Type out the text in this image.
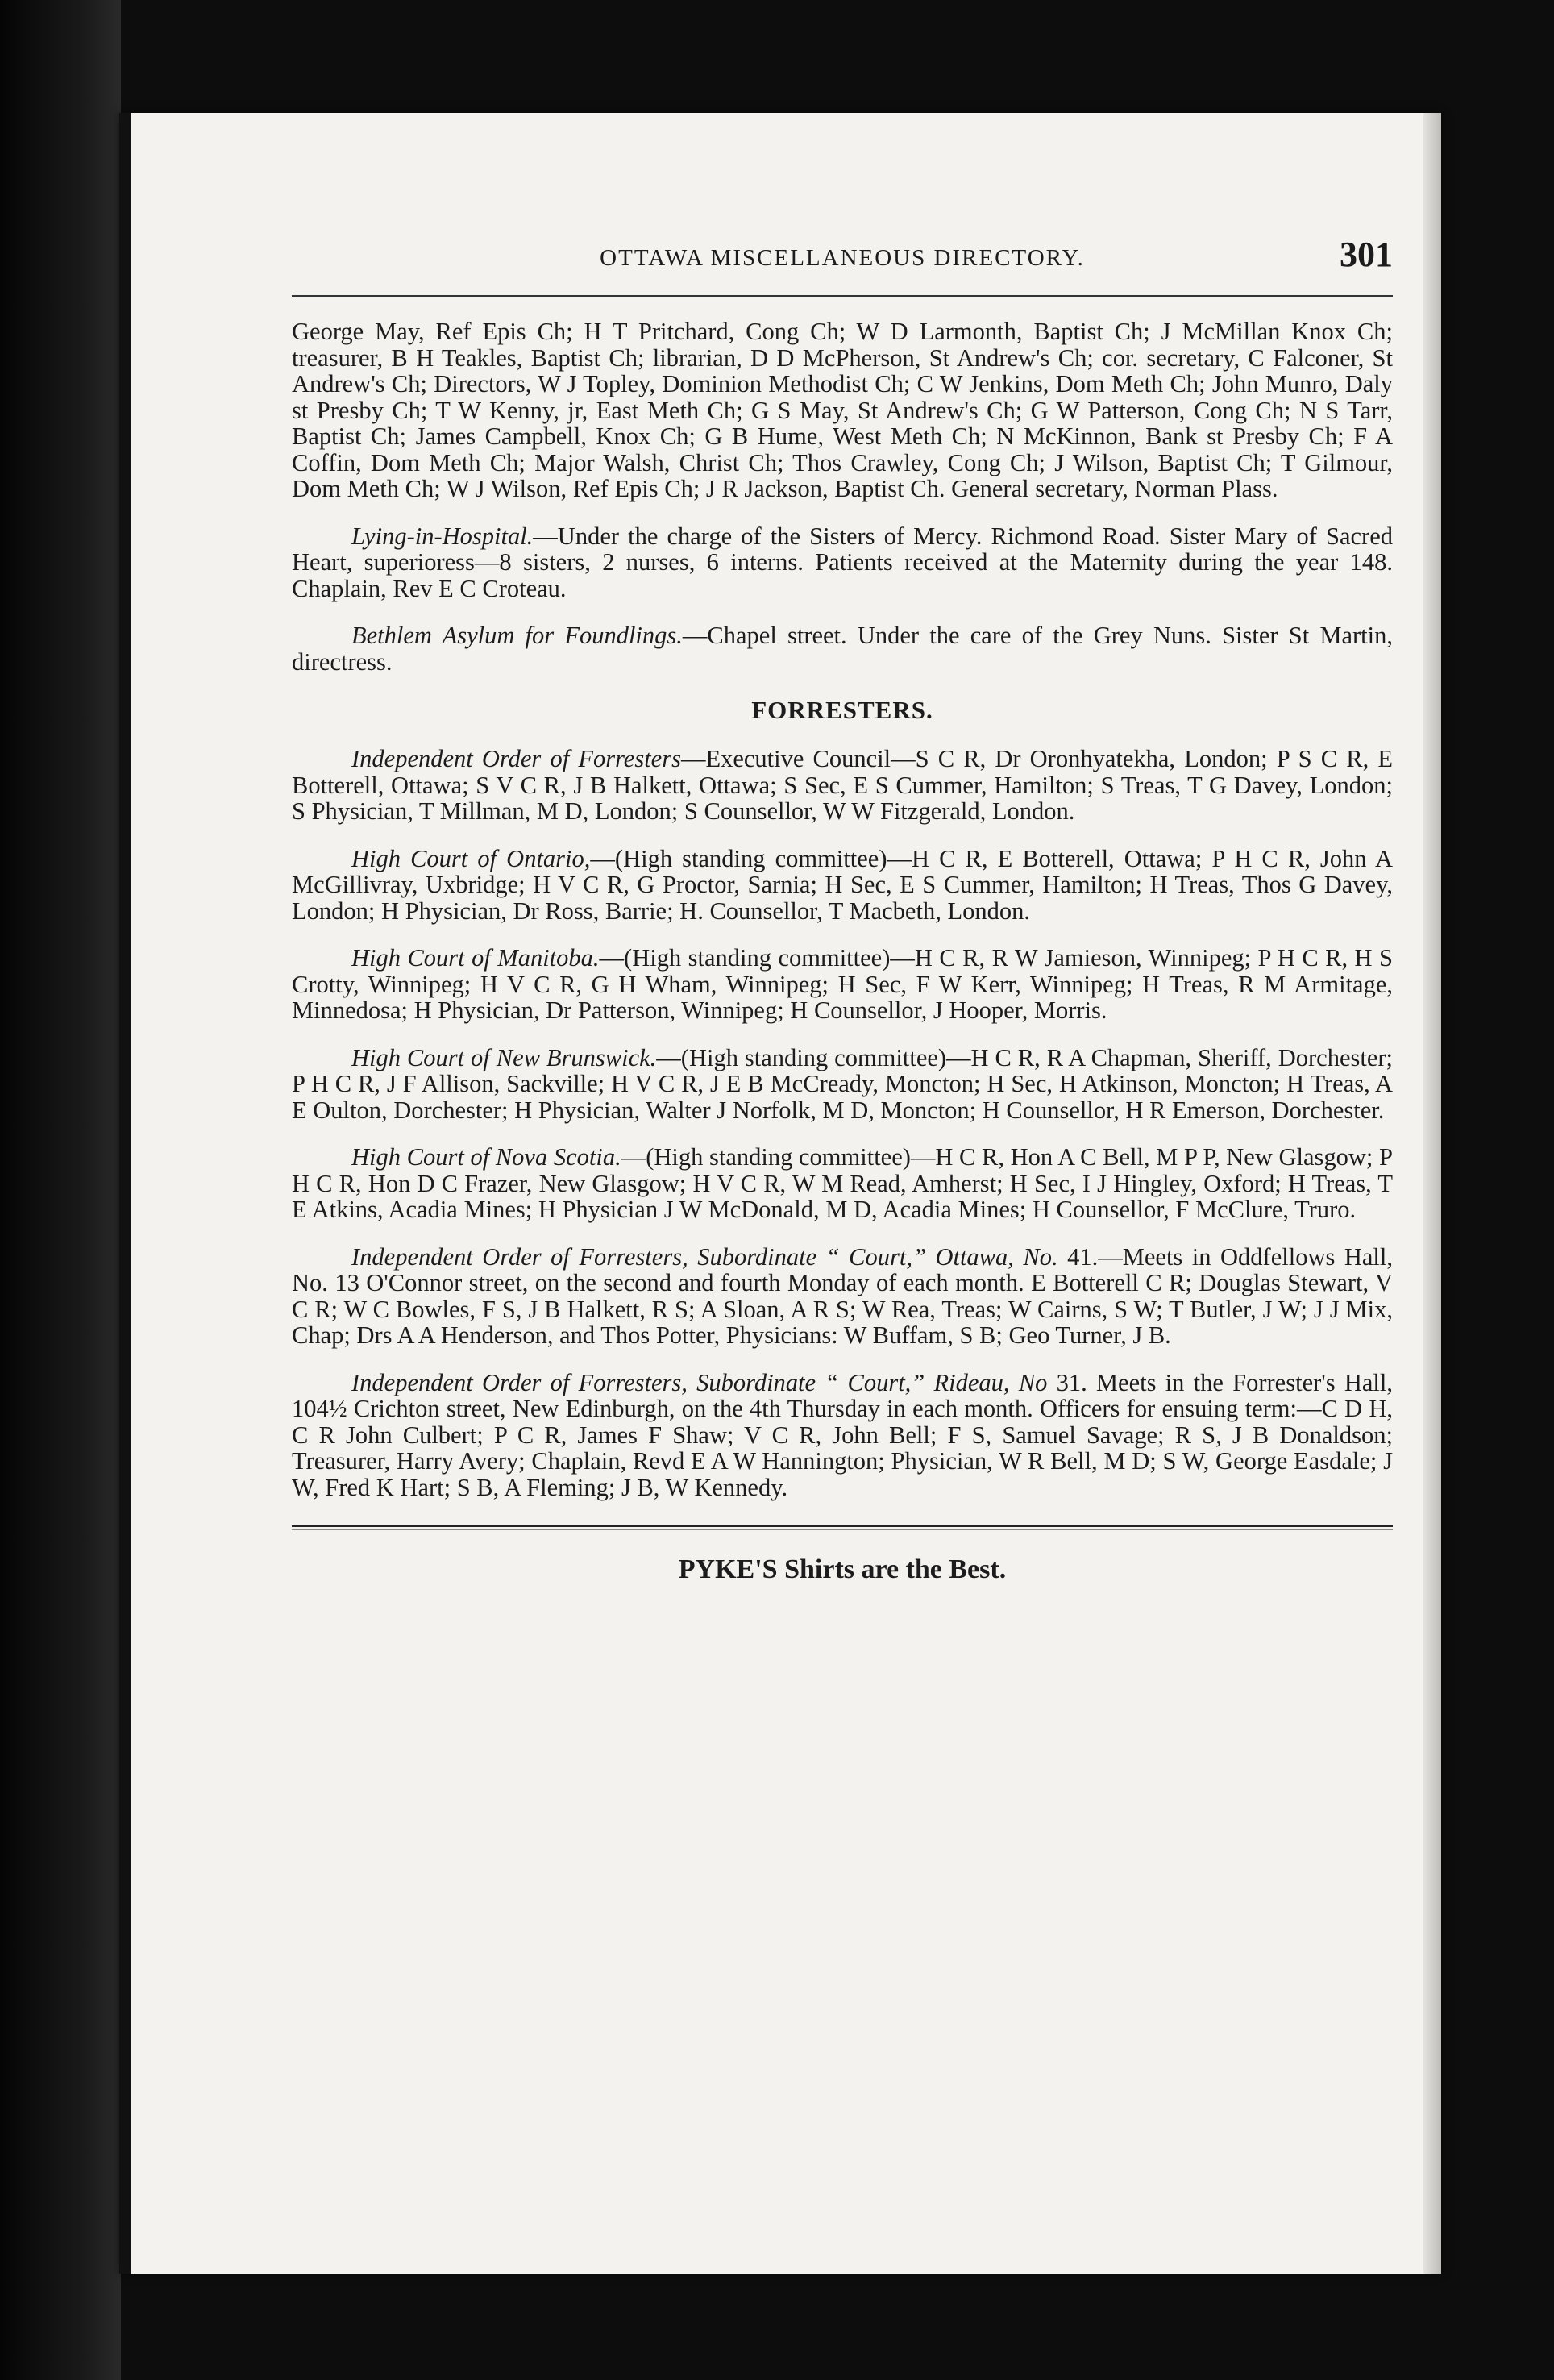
OTTAWA MISCELLANEOUS DIRECTORY.	301

George May, Ref Epis Ch; H T Pritchard, Cong Ch; W D Larmonth, Baptist Ch; J McMillan Knox Ch; treasurer, B H Teakles, Baptist Ch; librarian, D D McPherson, St Andrew's Ch; cor. secretary, C Falconer, St Andrew's Ch; Directors, W J Topley, Dominion Methodist Ch; C W Jenkins, Dom Meth Ch; John Munro, Daly st Presby Ch; T W Kenny, jr, East Meth Ch; G S May, St Andrew's Ch; G W Patterson, Cong Ch; N S Tarr, Baptist Ch; James Campbell, Knox Ch; G B Hume, West Meth Ch; N McKinnon, Bank st Presby Ch; F A Coffin, Dom Meth Ch; Major Walsh, Christ Ch; Thos Crawley, Cong Ch; J Wilson, Baptist Ch; T Gilmour, Dom Meth Ch; W J Wilson, Ref Epis Ch; J R Jackson, Baptist Ch. General secretary, Norman Plass.

Lying-in-Hospital.—Under the charge of the Sisters of Mercy. Richmond Road. Sister Mary of Sacred Heart, superioress—8 sisters, 2 nurses, 6 interns. Patients received at the Maternity during the year 148. Chaplain, Rev E C Croteau.

Bethlem Asylum for Foundlings.—Chapel street. Under the care of the Grey Nuns. Sister St Martin, directress.

FORRESTERS.

Independent Order of Forresters—Executive Council—S C R, Dr Oronhyatekha, London; P S C R, E Botterell, Ottawa; S V C R, J B Halkett, Ottawa; S Sec, E S Cummer, Hamilton; S Treas, T G Davey, London; S Physician, T Millman, M D, London; S Counsellor, W W Fitzgerald, London.

High Court of Ontario,—(High standing committee)—H C R, E Botterell, Ottawa; P H C R, John A McGillivray, Uxbridge; H V C R, G Proctor, Sarnia; H Sec, E S Cummer, Hamilton; H Treas, Thos G Davey, London; H Physician, Dr Ross, Barrie; H. Counsellor, T Macbeth, London.

High Court of Manitoba.—(High standing committee)—H C R, R W Jamieson, Winnipeg; P H C R, H S Crotty, Winnipeg; H V C R, G H Wham, Winnipeg; H Sec, F W Kerr, Winnipeg; H Treas, R M Armitage, Minnedosa; H Physician, Dr Patterson, Winnipeg; H Counsellor, J Hooper, Morris.

High Court of New Brunswick.—(High standing committee)—H C R, R A Chapman, Sheriff, Dorchester; P H C R, J F Allison, Sackville; H V C R, J E B McCready, Moncton; H Sec, H Atkinson, Moncton; H Treas, A E Oulton, Dorchester; H Physician, Walter J Norfolk, M D, Moncton; H Counsellor, H R Emerson, Dorchester.

High Court of Nova Scotia.—(High standing committee)—H C R, Hon A C Bell, M P P, New Glasgow; P H C R, Hon D C Frazer, New Glasgow; H V C R, W M Read, Amherst; H Sec, I J Hingley, Oxford; H Treas, T E Atkins, Acadia Mines; H Physician J W McDonald, M D, Acadia Mines; H Counsellor, F McClure, Truro.

Independent Order of Forresters, Subordinate “ Court,” Ottawa, No. 41.—Meets in Oddfellows Hall, No. 13 O'Connor street, on the second and fourth Monday of each month. E Botterell C R; Douglas Stewart, V C R; W C Bowles, F S, J B Halkett, R S; A Sloan, A R S; W Rea, Treas; W Cairns, S W; T Butler, J W; J J Mix, Chap; Drs A A Henderson, and Thos Potter, Physicians: W Buffam, S B; Geo Turner, J B.

Independent Order of Forresters, Subordinate “ Court,” Rideau, No 31. Meets in the Forrester's Hall, 104½ Crichton street, New Edinburgh, on the 4th Thursday in each month. Officers for ensuing term:—C D H, C R John Culbert; P C R, James F Shaw; V C R, John Bell; F S, Samuel Savage; R S, J B Donaldson; Treasurer, Harry Avery; Chaplain, Revd E A W Hannington; Physician, W R Bell, M D; S W, George Easdale; J W, Fred K Hart; S B, A Fleming; J B, W Kennedy.

PYKE'S Shirts are the Best.
